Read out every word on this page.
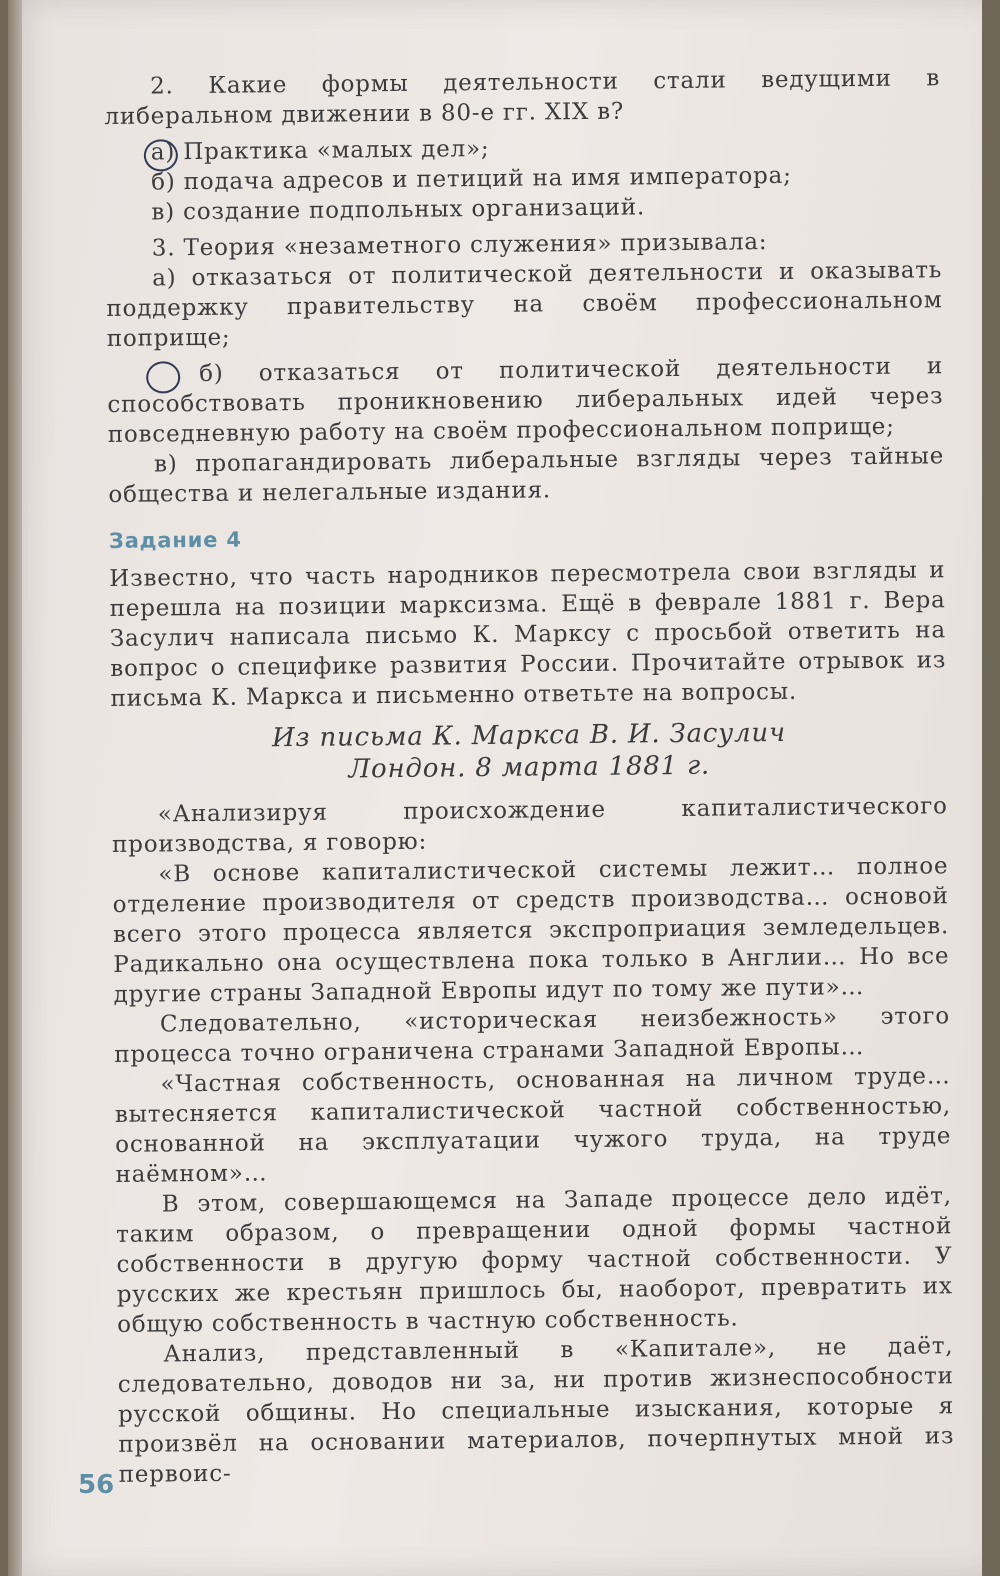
2. Какие формы деятельности стали ведущими в либеральном движении в 80-е гг. XIX в?

а) Практика «малых дел»;

б) подача адресов и петиций на имя императора;

в) создание подпольных организаций.

3. Теория «незаметного служения» призывала:

а) отказаться от политической деятельности и оказывать поддержку правительству на своём профессиональном поприще;

б) отказаться от политической деятельности и способствовать проникновению либеральных идей через повседневную работу на своём профессиональном поприще;

в) пропагандировать либеральные взгляды через тайные общества и нелегальные издания.

Задание 4

Известно, что часть народников пересмотрела свои взгляды и перешла на позиции марксизма. Ещё в феврале 1881 г. Вера Засулич написала письмо К. Марксу с просьбой ответить на вопрос о специфике развития России. Прочитайте отрывок из письма К. Маркса и письменно ответьте на вопросы.

Из письма К. Маркса В. И. Засулич
Лондон. 8 марта 1881 г.

«Анализируя происхождение капиталистического производства, я говорю:

«В основе капиталистической системы лежит… полное отделение производителя от средств производства… основой всего этого процесса является экспроприация земледельцев. Радикально она осуществлена пока только в Англии… Но все другие страны Западной Европы идут по тому же пути»…

Следовательно, «историческая неизбежность» этого процесса точно ограничена странами Западной Европы…

«Частная собственность, основанная на личном труде… вытесняется капиталистической частной собственностью, основанной на эксплуатации чужого труда, на труде наёмном»…

В этом, совершающемся на Западе процессе дело идёт, таким образом, о превращении одной формы частной собственности в другую форму частной собственности. У русских же крестьян пришлось бы, наоборот, превратить их общую собственность в частную собственность.

Анализ, представленный в «Капитале», не даёт, следовательно, доводов ни за, ни против жизнеспособности русской общины. Но специальные изыскания, которые я произвёл на основании материалов, почерпнутых мной из первоис-

56
